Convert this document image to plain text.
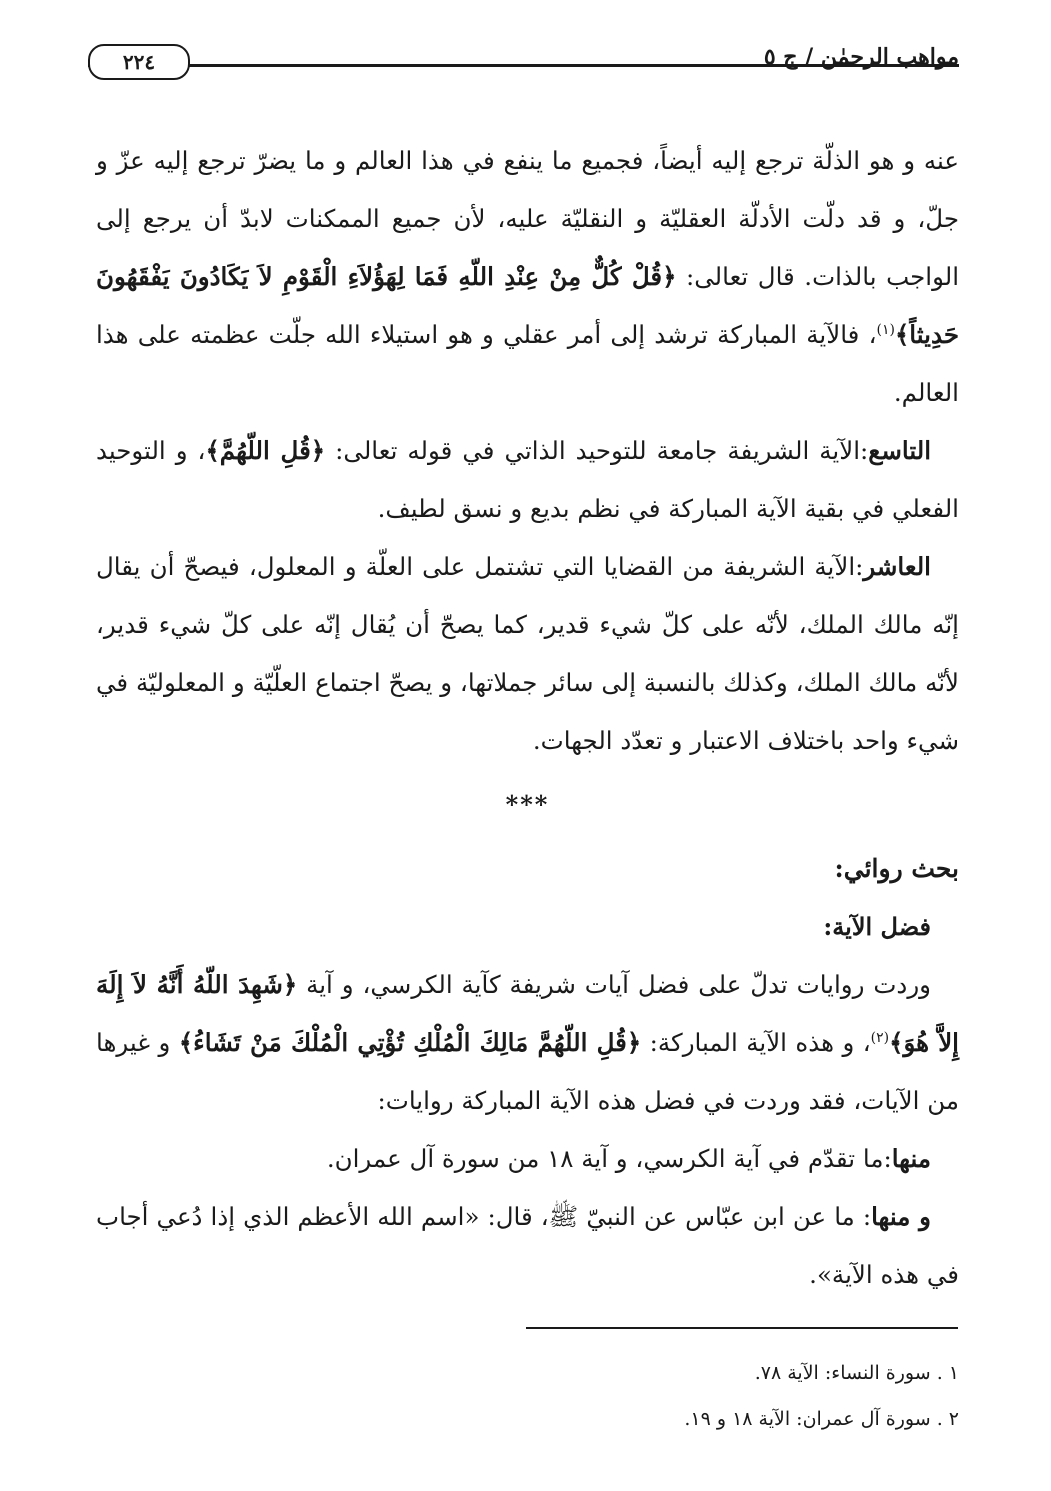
مواهب الرحمٰن / ج ٥
٢٢٤

عنه و هو الذلّة ترجع إليه أيضاً، فجميع ما ينفع في هذا العالم و ما يضرّ ترجع إليه عزّ و جلّ، و قد دلّت الأدلّة العقليّة و النقليّة عليه، لأن جميع الممكنات لابدّ أن يرجع إلى الواجب بالذات. قال تعالى: ﴿قُلْ كُلٌّ مِنْ عِنْدِ اللّهِ فَمَا لِهَؤُلاَءِ الْقَوْمِ لاَ يَكَادُونَ يَفْقَهُونَ حَدِيثاً﴾$^{(١)}$، فالآية المباركة ترشد إلى أمر عقلي و هو استيلاء الله جلّت عظمته على هذا العالم.

التاسع:الآية الشريفة جامعة للتوحيد الذاتي في قوله تعالى: ﴿قُلِ اللّهُمَّ﴾، و التوحيد الفعلي في بقية الآية المباركة في نظم بديع و نسق لطيف.

العاشر:الآية الشريفة من القضايا التي تشتمل على العلّة و المعلول، فيصحّ أن يقال إنّه مالك الملك، لأنّه على كلّ شيء قدير، كما يصحّ أن يُقال إنّه على كلّ شيء قدير، لأنّه مالك الملك، وكذلك بالنسبة إلى سائر جملاتها، و يصحّ اجتماع العلّيّة و المعلوليّة في شيء واحد باختلاف الاعتبار و تعدّد الجهات.

***

بحث روائي:

فضل الآية:

وردت روايات تدلّ على فضل آيات شريفة كآية الكرسي، و آية ﴿شَهِدَ اللّهُ أَنَّهُ لاَ إِلَهَ إِلاَّ هُوَ﴾$^{(٢)}$، و هذه الآية المباركة: ﴿قُلِ اللّهُمَّ مَالِكَ الْمُلْكِ تُؤْتِي الْمُلْكَ مَنْ تَشَاءُ﴾ و غيرها من الآيات، فقد وردت في فضل هذه الآية المباركة روايات:

منها:ما تقدّم في آية الكرسي، و آية ١٨ من سورة آل عمران.

و منها: ما عن ابن عبّاس عن النبيّ ﷺ، قال: «اسم الله الأعظم الذي إذا دُعي أجاب في هذه الآية».

١ . سورة النساء: الآية ٧٨.

٢ . سورة آل عمران: الآية ١٨ و ١٩.
